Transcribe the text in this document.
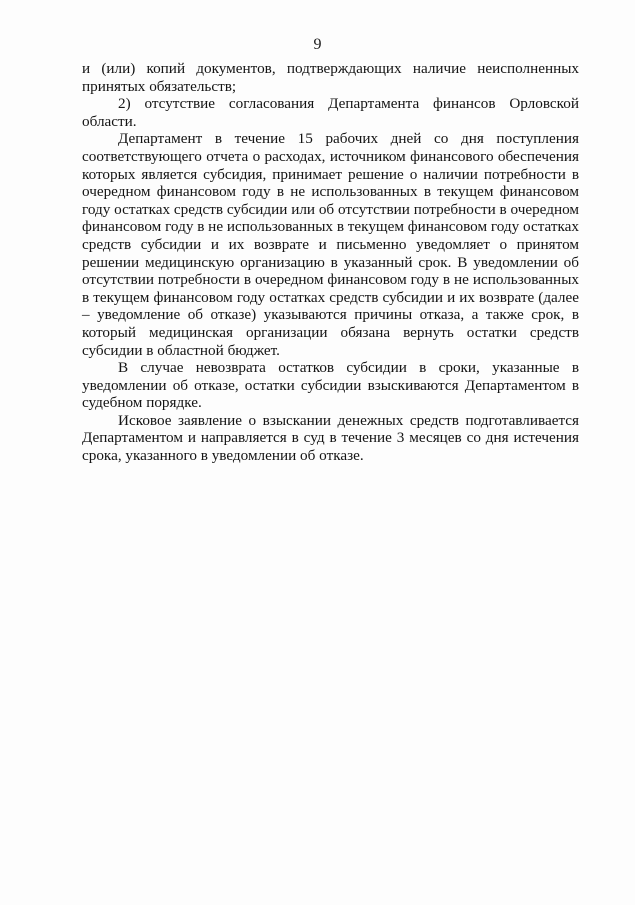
9

и (или) копий документов, подтверждающих наличие неисполненных принятых обязательств;

2) отсутствие согласования Департамента финансов Орловской области.

Департамент в течение 15 рабочих дней со дня поступления соответствующего отчета о расходах, источником финансового обеспечения которых является субсидия, принимает решение о наличии потребности в очередном финансовом году в не использованных в текущем финансовом году остатках средств субсидии или об отсутствии потребности в очередном финансовом году в не использованных в текущем финансовом году остатках средств субсидии и их возврате и письменно уведомляет о принятом решении медицинскую организацию в указанный срок. В уведомлении об отсутствии потребности в очередном финансовом году в не использованных в текущем финансовом году остатках средств субсидии и их возврате (далее – уведомление об отказе) указываются причины отказа, а также срок, в который медицинская организации обязана вернуть остатки средств субсидии в областной бюджет.

В случае невозврата остатков субсидии в сроки, указанные в уведомлении об отказе, остатки субсидии взыскиваются Департаментом в судебном порядке.

Исковое заявление о взыскании денежных средств подготавливается Департаментом и направляется в суд в течение 3 месяцев со дня истечения срока, указанного в уведомлении об отказе.
